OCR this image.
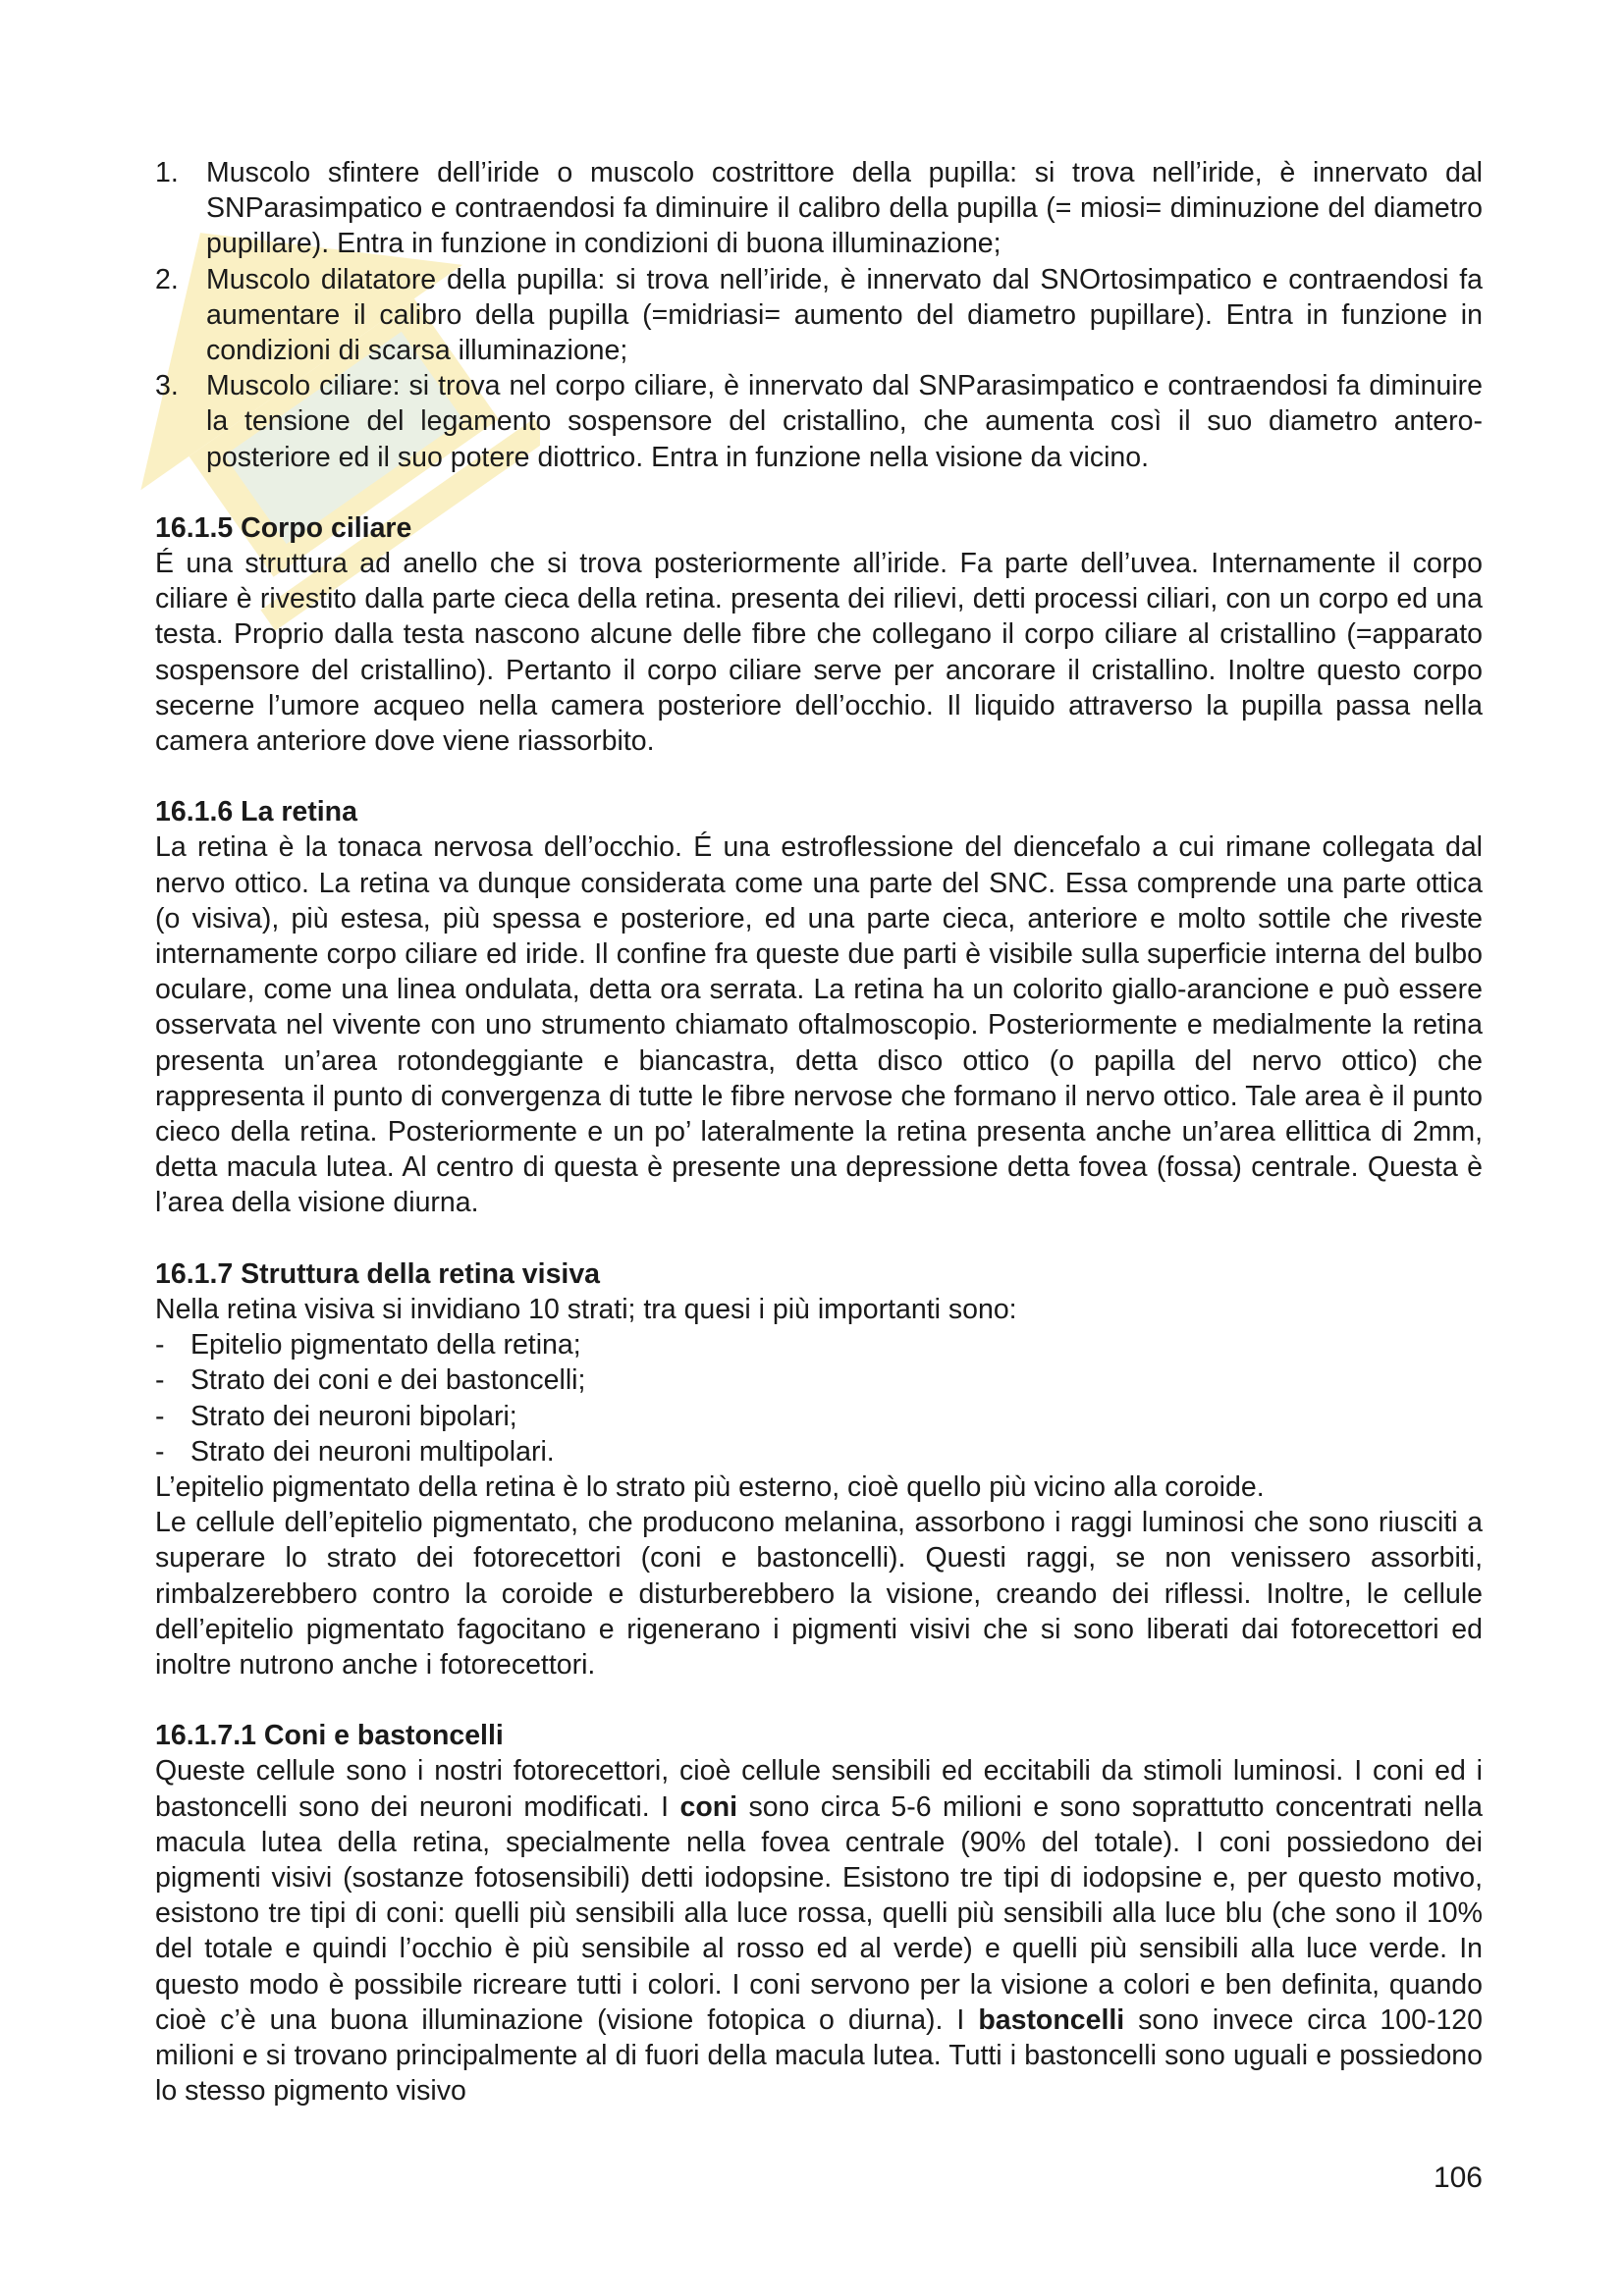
1. Muscolo sfintere dell’iride o muscolo costrittore della pupilla: si trova nell’iride, è innervato dal SNParasimpatico e contraendosi fa diminuire il calibro della pupilla (= miosi= diminuzione del diametro pupillare). Entra in funzione in condizioni di buona illuminazione;
2. Muscolo dilatatore della pupilla: si trova nell’iride, è innervato dal SNOrtosimpatico e contraendosi fa aumentare il calibro della pupilla (=midriasi= aumento del diametro pupillare). Entra in funzione in condizioni di scarsa illuminazione;
3. Muscolo ciliare: si trova nel corpo ciliare, è innervato dal SNParasimpatico e contraendosi fa diminuire la tensione del legamento sospensore del cristallino, che aumenta così il suo diametro antero-posteriore ed il suo potere diottrico. Entra in funzione nella visione da vicino.
16.1.5 Corpo ciliare

É una struttura ad anello che si trova posteriormente all’iride. Fa parte dell’uvea. Internamente il corpo ciliare è rivestito dalla parte cieca della retina. presenta dei rilievi, detti processi ciliari, con un corpo ed una testa. Proprio dalla testa nascono alcune delle fibre che collegano il corpo ciliare al cristallino (=apparato sospensore del cristallino). Pertanto il corpo ciliare serve per ancorare il cristallino. Inoltre questo corpo secerne l’umore acqueo nella camera posteriore dell’occhio. Il liquido attraverso la pupilla passa nella camera anteriore dove viene riassorbito.

16.1.6 La retina

La retina è la tonaca nervosa dell’occhio. É una estroflessione del diencefalo a cui rimane collegata dal nervo ottico. La retina va dunque considerata come una parte del SNC. Essa comprende una parte ottica (o visiva), più estesa, più spessa e posteriore, ed una parte cieca, anteriore e molto sottile che riveste internamente corpo ciliare ed iride. Il confine fra queste due parti è visibile sulla superficie interna del bulbo oculare, come una linea ondulata, detta ora serrata. La retina ha un colorito giallo-arancione e può essere osservata nel vivente con uno strumento chiamato oftalmoscopio. Posteriormente e medialmente la retina presenta un’area rotondeggiante e biancastra, detta disco ottico (o papilla del nervo ottico) che rappresenta il punto di convergenza di tutte le fibre nervose che formano il nervo ottico. Tale area è il punto cieco della retina. Posteriormente e un po’ lateralmente la retina presenta anche un’area ellittica di 2mm, detta macula lutea. Al centro di questa è presente una depressione detta fovea (fossa) centrale. Questa è l’area della visione diurna.

16.1.7 Struttura della retina visiva

Nella retina visiva si invidiano 10 strati; tra quesi i più importanti sono:

- Epitelio pigmentato della retina;
- Strato dei coni e dei bastoncelli;
- Strato dei neuroni bipolari;
- Strato dei neuroni multipolari.

L’epitelio pigmentato della retina è lo strato più esterno, cioè quello più vicino alla coroide.

Le cellule dell’epitelio pigmentato, che producono melanina, assorbono i raggi luminosi che sono riusciti a superare lo strato dei fotorecettori (coni e bastoncelli). Questi raggi, se non venissero assorbiti, rimbalzerebbero contro la coroide e disturberebbero la visione, creando dei riflessi. Inoltre, le cellule dell’epitelio pigmentato fagocitano e rigenerano i pigmenti visivi che si sono liberati dai fotorecettori ed inoltre nutrono anche i fotorecettori.

16.1.7.1 Coni e bastoncelli

Queste cellule sono i nostri fotorecettori, cioè cellule sensibili ed eccitabili da stimoli luminosi. I coni ed i bastoncelli sono dei neuroni modificati. I coni sono circa 5-6 milioni e sono soprattutto concentrati nella macula lutea della retina, specialmente nella fovea centrale (90% del totale). I coni possiedono dei pigmenti visivi (sostanze fotosensibili) detti iodopsine. Esistono tre tipi di iodopsine e, per questo motivo, esistono tre tipi di coni: quelli più sensibili alla luce rossa, quelli più sensibili alla luce blu (che sono il 10% del totale e quindi l’occhio è più sensibile al rosso ed al verde) e quelli più sensibili alla luce verde. In questo modo è possibile ricreare tutti i colori. I coni servono per la visione a colori e ben definita, quando cioè c’è una buona illuminazione (visione fotopica o diurna). I bastoncelli sono invece circa 100-120 milioni e si trovano principalmente al di fuori della macula lutea. Tutti i bastoncelli sono uguali e possiedono lo stesso pigmento visivo

106
